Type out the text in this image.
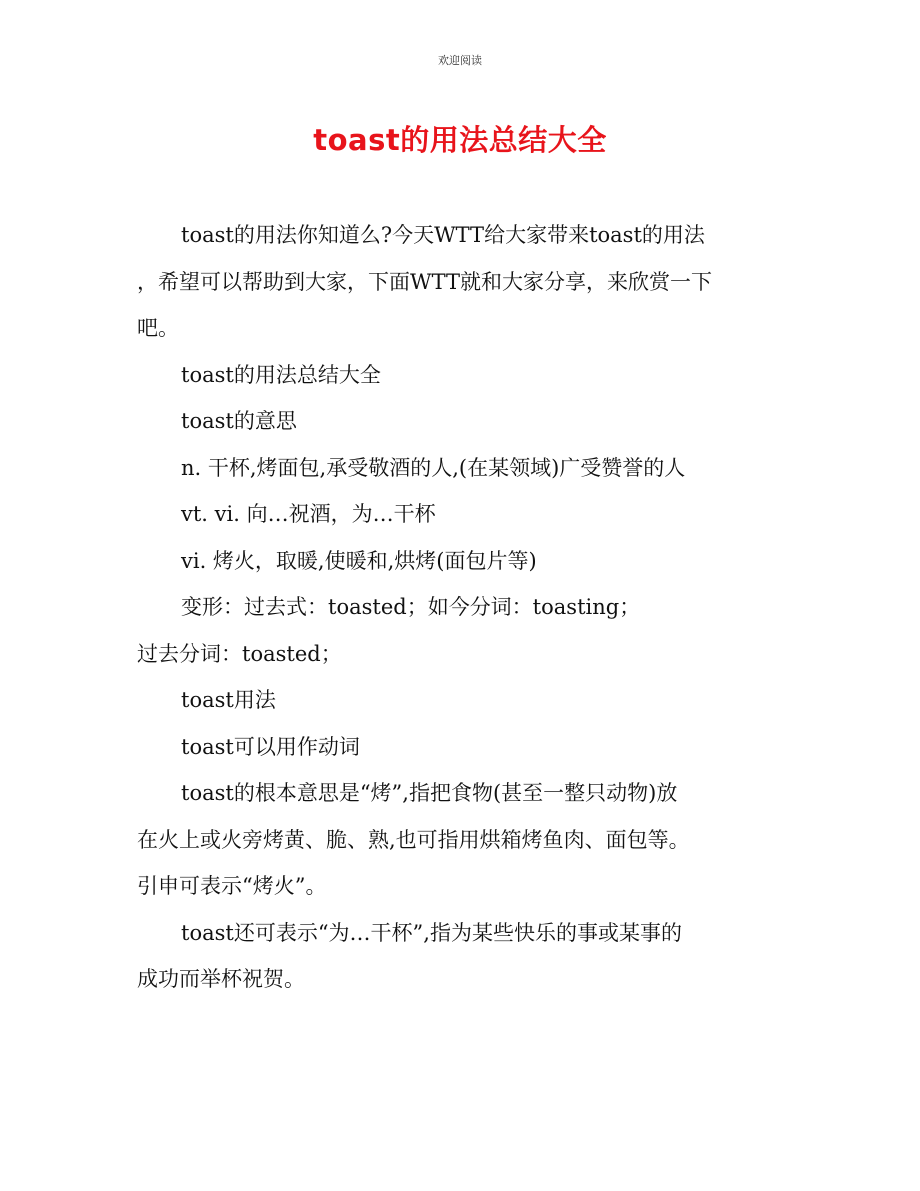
欢迎阅读
toast的用法总结大全

toast的用法你知道么?今天WTT给大家带来toast的用法
，希望可以帮助到大家，下面WTT就和大家分享，来欣赏一下
吧。

toast的用法总结大全

toast的意思

n. 干杯,烤面包,承受敬酒的人,(在某领域)广受赞誉的人

vt. vi. 向…祝酒，为…干杯

vi. 烤火，取暖,使暖和,烘烤(面包片等)

变形：过去式：toasted；如今分词：toasting；

过去分词：toasted；

toast用法

toast可以用作动词

toast的根本意思是“烤”,指把食物(甚至一整只动物)放
在火上或火旁烤黄、脆、熟,也可指用烘箱烤鱼肉、面包等。
引申可表示“烤火”。

toast还可表示“为…干杯”,指为某些快乐的事或某事的
成功而举杯祝贺。
